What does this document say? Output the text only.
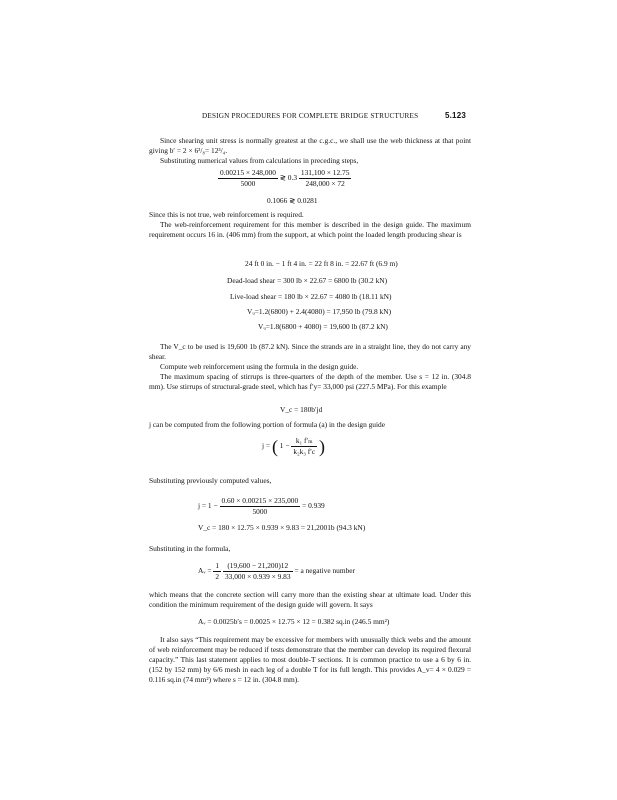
DESIGN PROCEDURES FOR COMPLETE BRIDGE STRUCTURES	5.123

Since shearing unit stress is normally greatest at the c.g.c., we shall use the web thickness at that point giving b′ = 2 × 6³/₈= 12³/₄.

Substituting numerical values from calculations in preceding steps,

$\frac{0.00215 \times 248,000}{5000}$ ≷ $0.3 \frac{131,100 \times 12.75}{248,000 \times 72}$
0.1066 ≷ 0.0281

Since this is not true, web reinforcement is required.

The web-reinforcement requirement for this member is described in the design guide. The maximum requirement occurs 16 in. (406 mm) from the support, at which point the loaded length producing shear is

24 ft 0 in. − 1 ft 4 in. = 22 ft 8 in. = 22.67 ft (6.9 m)
Dead-load shear = 300 lb × 22.67 = 6800 lb (30.2 kN)
Live-load shear = 180 lb × 22.67 = 4080 lb (18.11 kN)
Vᵤ=1.2(6800) + 2.4(4080) = 17,950 lb (79.8 kN)
Vᵤ=1.8(6800 + 4080) = 19,600 lb (87.2 kN)

The V_c to be used is 19,600 1b (87.2 kN). Since the strands are in a straight line, they do not carry any shear.

Compute web reinforcement using the formula in the design guide.

The maximum spacing of stirrups is three-quarters of the depth of the member. Use s = 12 in. (304.8 mm). Use stirrups of structural-grade steel, which has f′y= 33,000 psi (227.5 MPa). For this example

V_c = 180b′jd

j can be computed from the following portion of formula (a) in the design guide

j = ( $1 - \frac{\text{k₁ f′ₘ}}{\text{k₂k₃ f′c}}$ )

Substituting previously computed values,

$j = 1 - \frac{0.60 \times 0.00215 \times 235,000}{5000} = 0.939$
V_c = 180 × 12.75 × 0.939 × 9.83 = 21,2001b (94.3 kN)

Substituting in the formula,

Aᵥ = $\frac{1}{2}$
$\frac{(19,600 - 21,200)12}{33,000 \times 0.939 \times 9.83} = a$ negative number

which means that the concrete section will carry more than the existing shear at ultimate load. Under this condition the minimum requirement of the design guide will govern. It says

Aᵥ = 0.0025b′s = 0.0025 × 12.75 × 12 = 0.382 sq.in (246.5 mm²)

It also says “This requirement may be excessive for members with unusually thick webs and the amount of web reinforcement may be reduced if tests demonstrate that the member can develop its required flexural capacity.” This last statement applies to most double-T sections. It is common practice to use a 6 by 6 in. (152 by 152 mm) by 6/6 mesh in each leg of a double T for its full length. This provides A_v= 4 × 0.029 = 0.116 sq.in (74 mm²) where s = 12 in. (304.8 mm).
